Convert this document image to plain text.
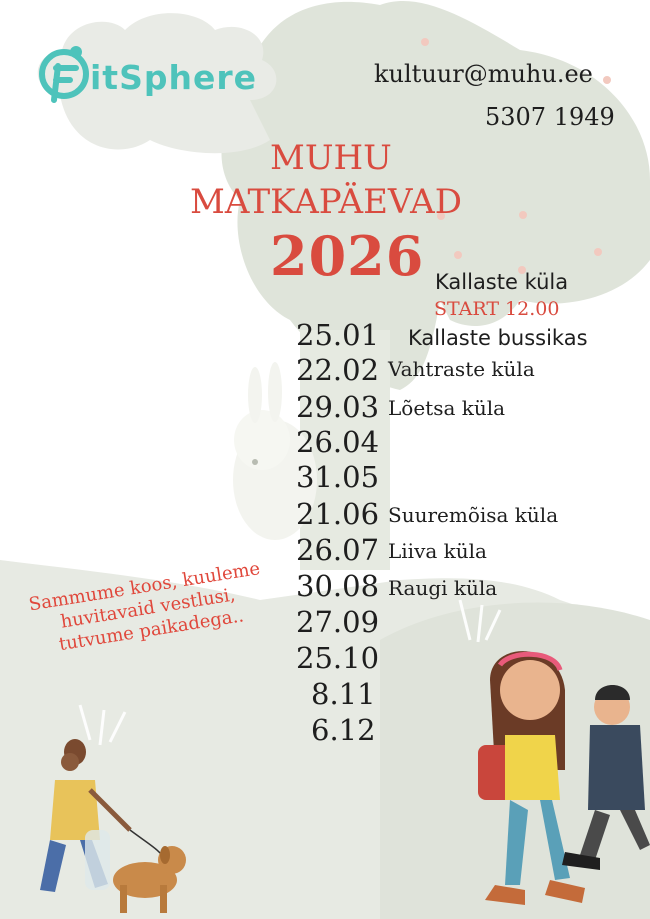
itSphere	kultuur@muhu.ee
5307 1949
MUHU
MATKAPÄEVAD
2026 Kallaste küla
START 12.00
Kallaste bussikas
25.01
22.02 Vahtraste küla
29.03 Lõetsa küla
26.04
31.05
21.06 Suuremõisa küla
26.07 Liiva küla
30.08 Raugi küla
27.09
25.10
8.11
6.12
Sammume koos, kuuleme huvitavaid vestlusi, tutvume paikadega..
